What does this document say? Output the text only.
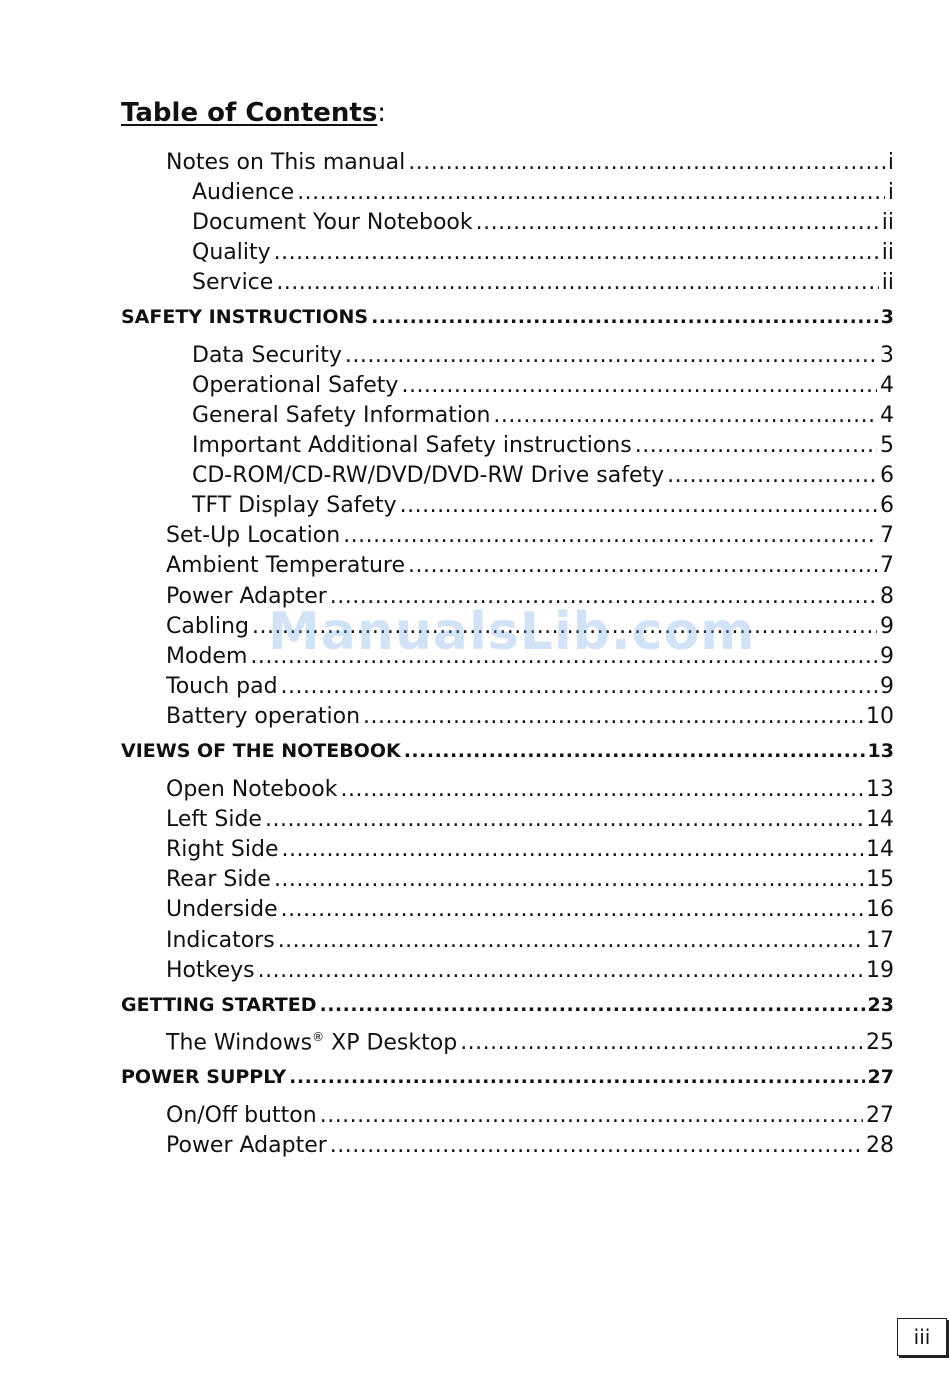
Table of Contents:
Notes on This manual .....	i
Audience .....	i
Document Your Notebook .....	ii
Quality .....	ii
Service .....	ii
SAFETY INSTRUCTIONS .....	3
Data Security .....	3
Operational Safety .....	4
General Safety Information .....	4
Important Additional Safety instructions .....	5
CD-ROM/CD-RW/DVD/DVD-RW Drive safety .....	6
TFT Display Safety .....	6
Set-Up Location .....	7
Ambient Temperature .....	7
Power Adapter .....	8
Cabling .....	9
Modem .....	9
Touch pad .....	9
Battery operation .....	10
VIEWS OF THE NOTEBOOK .....	13
Open Notebook .....	13
Left Side .....	14
Right Side .....	14
Rear Side .....	15
Underside .....	16
Indicators .....	17
Hotkeys .....	19
GETTING STARTED .....	23
The Windows® XP Desktop .....	25
POWER SUPPLY .....	27
On/Off button .....	27
Power Adapter .....	28
ManualsLib.com
iii
